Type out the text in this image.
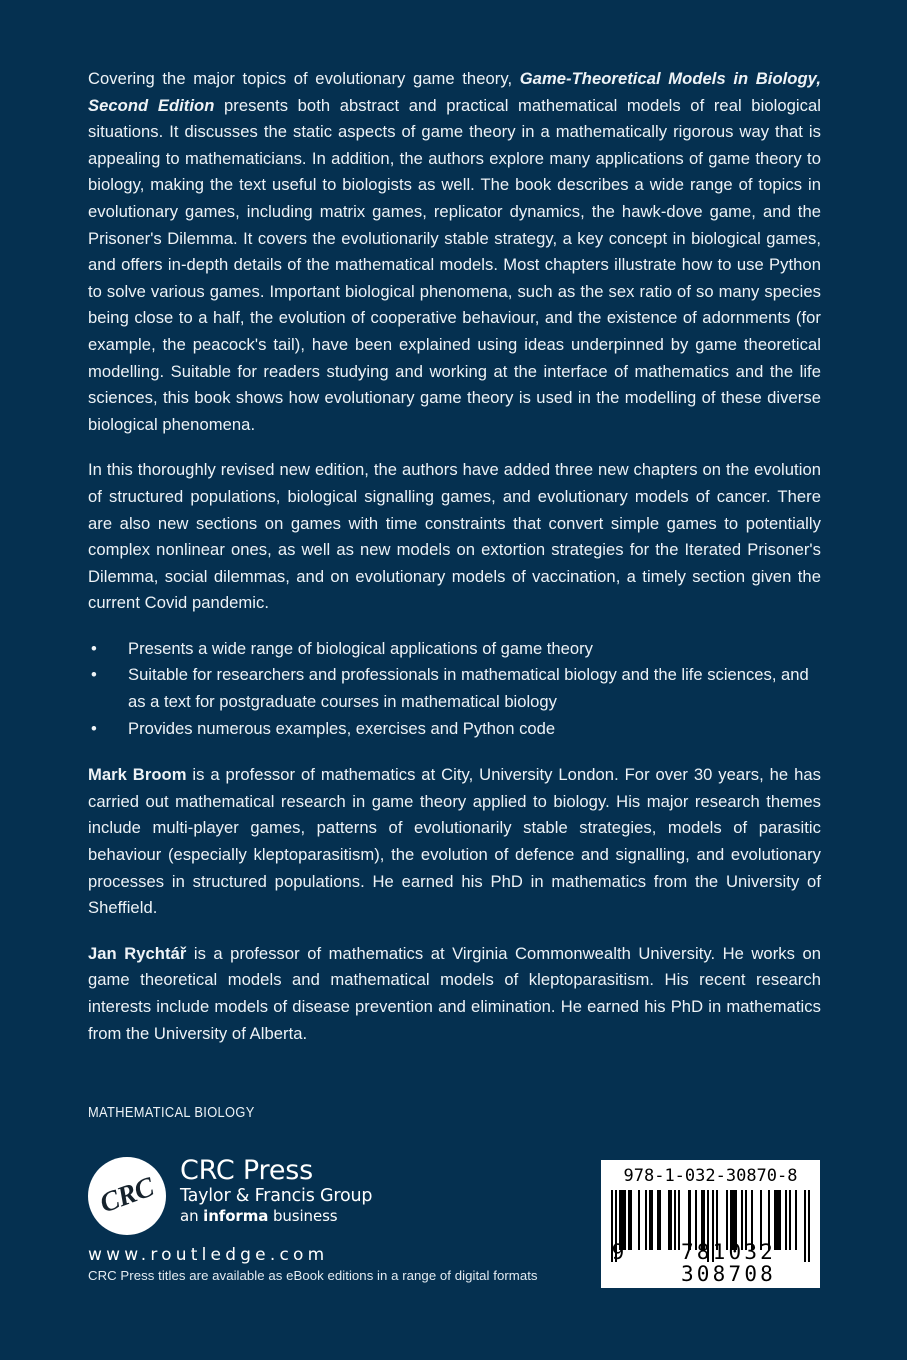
Covering the major topics of evolutionary game theory, Game-Theoretical Models in Biology, Second Edition presents both abstract and practical mathematical models of real biological situations. It discusses the static aspects of game theory in a mathematically rigorous way that is appealing to mathematicians. In addition, the authors explore many applications of game theory to biology, making the text useful to biologists as well. The book describes a wide range of topics in evolutionary games, including matrix games, replicator dynamics, the hawk-dove game, and the Prisoner's Dilemma. It covers the evolutionarily stable strategy, a key concept in biological games, and offers in-depth details of the mathematical models. Most chapters illustrate how to use Python to solve various games. Important biological phenomena, such as the sex ratio of so many species being close to a half, the evolution of cooperative behaviour, and the existence of adornments (for example, the peacock's tail), have been explained using ideas underpinned by game theoretical modelling. Suitable for readers studying and working at the interface of mathematics and the life sciences, this book shows how evolutionary game theory is used in the modelling of these diverse biological phenomena.

In this thoroughly revised new edition, the authors have added three new chapters on the evolution of structured populations, biological signalling games, and evolutionary models of cancer. There are also new sections on games with time constraints that convert simple games to potentially complex nonlinear ones, as well as new models on extortion strategies for the Iterated Prisoner's Dilemma, social dilemmas, and on evolutionary models of vaccination, a timely section given the current Covid pandemic.

• Presents a wide range of biological applications of game theory
• Suitable for researchers and professionals in mathematical biology and the life sciences, and as a text for postgraduate courses in mathematical biology
• Provides numerous examples, exercises and Python code

Mark Broom is a professor of mathematics at City, University London. For over 30 years, he has carried out mathematical research in game theory applied to biology. His major research themes include multi-player games, patterns of evolutionarily stable strategies, models of parasitic behaviour (especially kleptoparasitism), the evolution of defence and signalling, and evolutionary processes in structured populations. He earned his PhD in mathematics from the University of Sheffield.

Jan Rychtář is a professor of mathematics at Virginia Commonwealth University. He works on game theoretical models and mathematical models of kleptoparasitism. His recent research interests include models of disease prevention and elimination. He earned his PhD in mathematics from the University of Alberta.

MATHEMATICAL BIOLOGY
CRC
CRC Press
Taylor & Francis Group
an informa business
www.routledge.com
CRC Press titles are available as eBook editions in a range of digital formats
978-1-032-30870-8
9	781032 308708
